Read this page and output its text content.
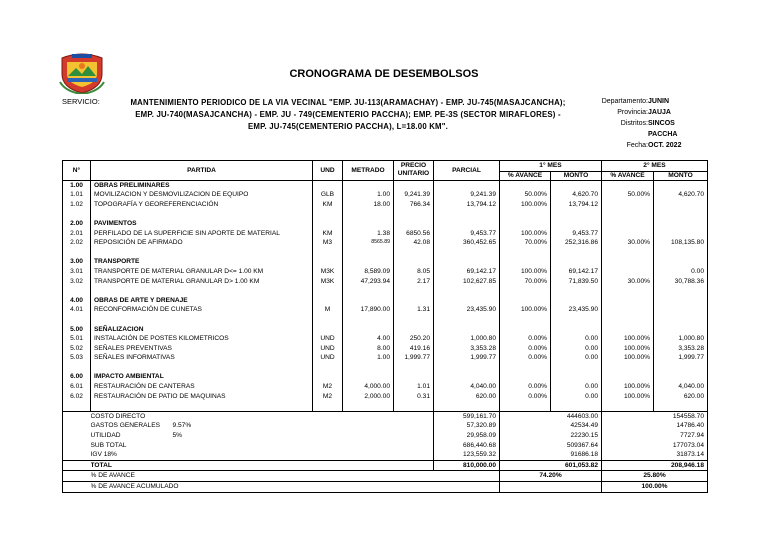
CRONOGRAMA DE DESEMBOLSOS
SERVICIO:	MANTENIMIENTO PERIODICO DE LA VIA VECINAL "EMP. JU-113(ARAMACHAY) - EMP. JU-745(MASAJCANCHA);
EMP. JU-740(MASAJCANCHA) - EMP. JU - 749(CEMENTERIO PACCHA); EMP. PE-3S (SECTOR MIRAFLORES) -
EMP. JU-745(CEMENTERIO PACCHA), L=18.00 KM".
Departamento: JUNIN
Provincia: JAUJA
Distritos: SINCOS
PACCHA
Fecha: OCT. 2022
N°	PARTIDA	UND	METRADO	PRECIO
UNITARIO	PARCIAL	1° MES		2° MES	
						% AVANCE	MONTO	% AVANCE	MONTO
1.00	OBRAS PRELIMINARES								
1.01	MOVILIZACION Y DESMOVILIZACION DE EQUIPO	GLB	1.00	9,241.39	9,241.39	50.00%	4,620.70	50.00%	4,620.70
1.02	TOPOGRAFÍA Y GEOREFERENCIACIÓN	KM	18.00	766.34	13,794.12	100.00%	13,794.12		

2.00	PAVIMENTOS								
2.01	PERFILADO DE LA SUPERFICIE SIN APORTE DE MATERIAL	KM	1.38	6850.56	9,453.77	100.00%	9,453.77		
2.02	REPOSICIÓN DE AFIRMADO	M3	8565.89	42.08	360,452.65	70.00%	252,316.86	30.00%	108,135.80

3.00	TRANSPORTE								
3.01	TRANSPORTE DE MATERIAL GRANULAR D<= 1.00 KM	M3K	8,589.09	8.05	69,142.17	100.00%	69,142.17		0.00
3.02	TRANSPORTE DE MATERIAL GRANULAR D> 1.00 KM	M3K	47,293.94	2.17	102,627.85	70.00%	71,839.50	30.00%	30,788.36

4.00	OBRAS DE ARTE Y DRENAJE								
4.01	RECONFORMACIÓN DE CUNETAS	M	17,890.00	1.31	23,435.90	100.00%	23,435.90		

5.00	SEÑALIZACION								
5.01	INSTALACIÓN DE POSTES KILOMETRICOS	UND	4.00	250.20	1,000.80	0.00%	0.00	100.00%	1,000.80
5.02	SEÑALES PREVENTIVAS	UND	8.00	419.16	3,353.28	0.00%	0.00	100.00%	3,353.28
5.03	SEÑALES INFORMATIVAS	UND	1.00	1,999.77	1,999.77	0.00%	0.00	100.00%	1,999.77

6.00	IMPACTO AMBIENTAL								
6.01	RESTAURACIÓN DE CANTERAS	M2	4,000.00	1.01	4,040.00	0.00%	0.00	100.00%	4,040.00
6.02	RESTAURACIÓN DE PATIO DE MAQUINAS	M2	2,000.00	0.31	620.00	0.00%	0.00	100.00%	620.00

	COSTO DIRECTO				599,161.70		444603.00		154558.70
	GASTOS GENERALES 9.57%				57,320.89		42534.49		14786.40
	UTILIDAD 5%				29,958.09		22230.15		7727.94
	SUB TOTAL				686,440.68		509367.64		177073.04
	IGV 18%				123,559.32		91686.18		31873.14
	TOTAL				810,000.00		601,053.82		208,946.18
	% DE AVANCE					74.20%		25.80%	
	% DE AVANCE ACUMULADO							100.00%	
